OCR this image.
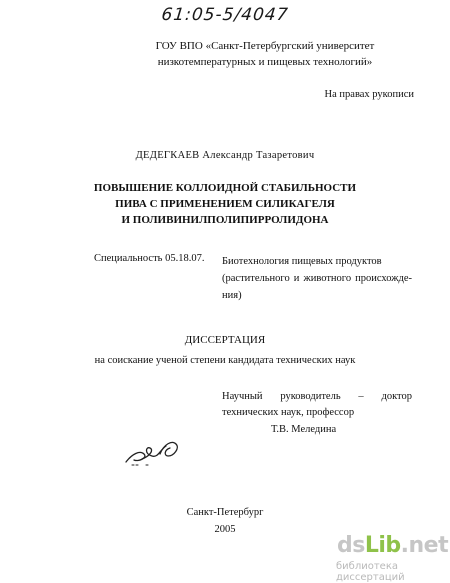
61:05-5/4047
ГОУ ВПО «Санкт-Петербургский университет
низкотемпературных и пищевых технологий»
На правах рукописи
ДЕДЕГКАЕВ Александр Тазаретович
ПОВЫШЕНИЕ КОЛЛОИДНОЙ СТАБИЛЬНОСТИ
ПИВА С ПРИМЕНЕНИЕМ СИЛИКАГЕЛЯ
И ПОЛИВИНИЛПОЛИПИРРОЛИДОНА
Специальность 05.18.07. Биотехнология пищевых продуктов
(растительного и животного происхожде-
ния)
ДИССЕРТАЦИЯ
на соискание ученой степени кандидата технических наук
Научный руководитель – доктор
технических наук, профессор
Т.В. Меледина
Санкт-Петербург
2005
dsLib.net
библиотека диссертаций
